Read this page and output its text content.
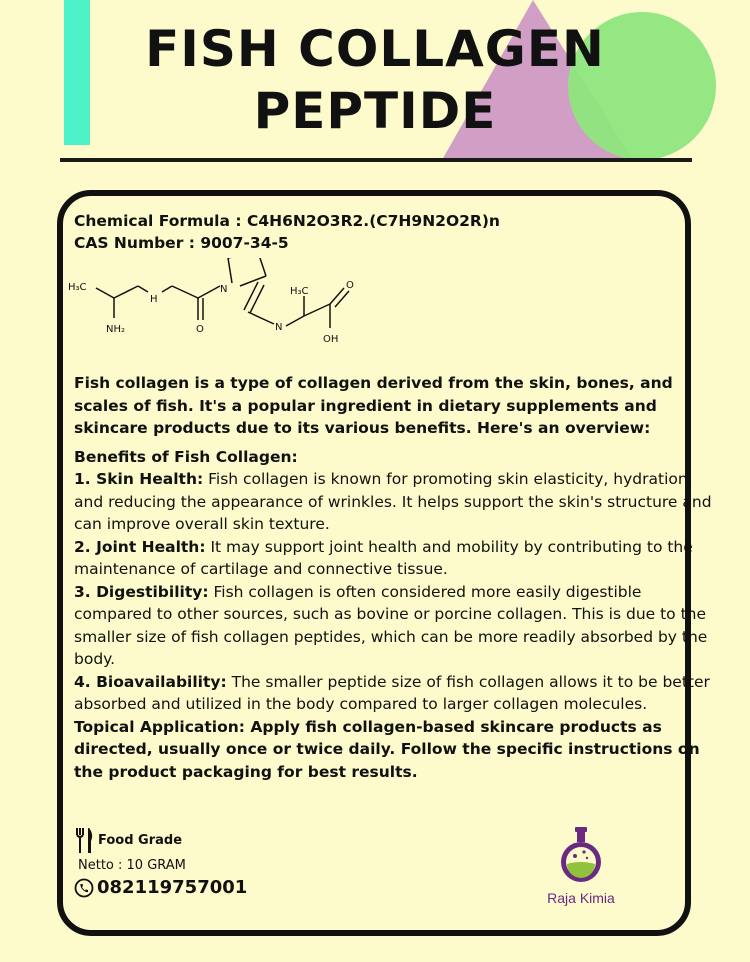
FISH COLLAGEN
PEPTIDE
Chemical Formula : C4H6N2O3R2.(C7H9N2O2R)n
CAS Number : 9007-34-5
H₃C
NH₂
H
O
N	H₃C
N
O
OH
Fish collagen is a type of collagen derived from the skin, bones, and scales of fish. It's a popular ingredient in dietary supplements and skincare products due to its various benefits. Here's an overview:
Benefits of Fish Collagen:
1. Skin Health: Fish collagen is known for promoting skin elasticity, hydration, and reducing the appearance of wrinkles. It helps support the skin's structure and can improve overall skin texture.
2. Joint Health: It may support joint health and mobility by contributing to the maintenance of cartilage and connective tissue.
3. Digestibility: Fish collagen is often considered more easily digestible compared to other sources, such as bovine or porcine collagen. This is due to the smaller size of fish collagen peptides, which can be more readily absorbed by the body.
4. Bioavailability: The smaller peptide size of fish collagen allows it to be better absorbed and utilized in the body compared to larger collagen molecules.
Topical Application: Apply fish collagen-based skincare products as directed, usually once or twice daily. Follow the specific instructions on the product packaging for best results.
Food Grade
Netto : 10 GRAM
082119757001	Raja Kimia
